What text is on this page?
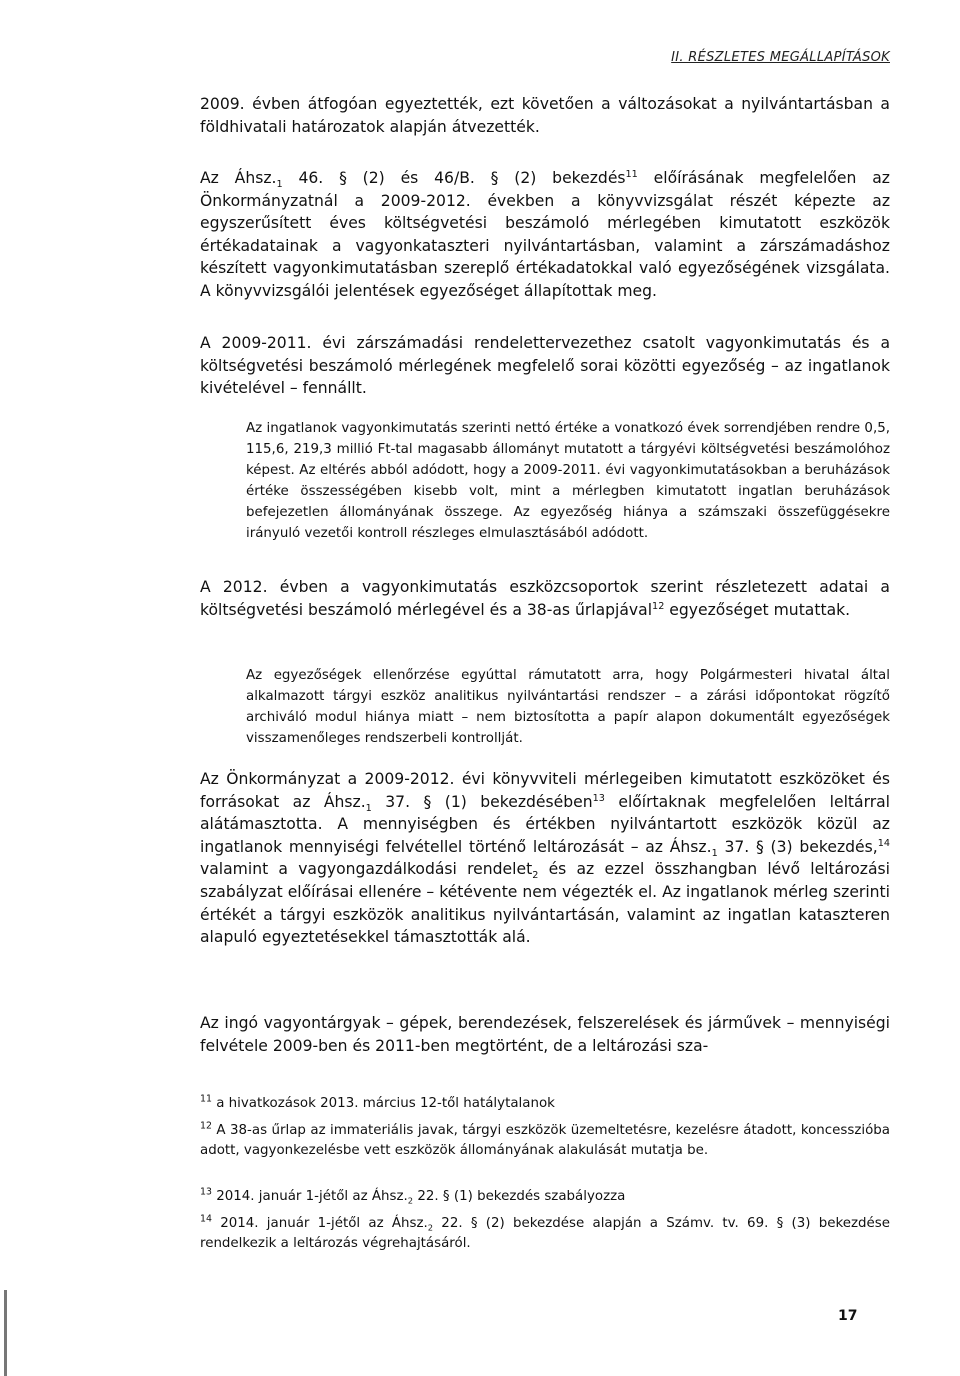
II. RÉSZLETES MEGÁLLAPÍTÁSOK

2009. évben átfogóan egyeztették, ezt követően a változásokat a nyilvántartásban a földhivatali határozatok alapján átvezették.

Az $Áhsz._1$ 46. § (2) és 46/B. § (2) bekezdés$^{11}$ előírásának megfelelően az Önkormányzatnál a 2009-2012. években a könyvvizsgálat részét képezte az egyszerűsített éves költségvetési beszámoló mérlegében kimutatott eszközök értékadatainak a vagyonkataszteri nyilvántartásban, valamint a zárszámadáshoz készített vagyonkimutatásban szereplő értékadatokkal való egyezőségének vizsgálata. A könyvvizsgálói jelentések egyezőséget állapítottak meg.

A 2009-2011. évi zárszámadási rendelettervezethez csatolt vagyonkimutatás és a költségvetési beszámoló mérlegének megfelelő sorai közötti egyezőség – az ingatlanok kivételével – fennállt.

Az ingatlanok vagyonkimutatás szerinti nettó értéke a vonatkozó évek sorrendjében rendre 0,5, 115,6, 219,3 millió Ft-tal magasabb állományt mutatott a tárgyévi költségvetési beszámolóhoz képest. Az eltérés abból adódott, hogy a 2009-2011. évi vagyonkimutatásokban a beruházások értéke összességében kisebb volt, mint a mérlegben kimutatott ingatlan beruházások befejezetlen állományának összege. Az egyezőség hiánya a számszaki összefüggésekre irányuló vezetői kontroll részleges elmulasztásából adódott.

A 2012. évben a vagyonkimutatás eszközcsoportok szerint részletezett adatai a költségvetési beszámoló mérlegével és a 38-as űrlapjával$^{12}$ egyezőséget mutattak.

Az egyezőségek ellenőrzése egyúttal rámutatott arra, hogy Polgármesteri hivatal által alkalmazott tárgyi eszköz analitikus nyilvántartási rendszer – a zárási időpontokat rögzítő archiváló modul hiánya miatt – nem biztosította a papír alapon dokumentált egyezőségek visszamenőleges rendszerbeli kontrollját.

Az Önkormányzat a 2009-2012. évi könyvviteli mérlegeiben kimutatott eszközöket és forrásokat az $Áhsz._1$ 37. § (1) bekezdésében$^{13}$ előírtaknak megfelelően leltárral alátámasztotta. A mennyiségben és értékben nyilvántartott eszközök közül az ingatlanok mennyiségi felvétellel történő leltározását – az $Áhsz._1$ 37. § (3) bekezdés,$^{14}$ valamint a vagyongazdálkodási rendelet$_2$ és az ezzel összhangban lévő leltározási szabályzat előírásai ellenére – kétévente nem végezték el. Az ingatlanok mérleg szerinti értékét a tárgyi eszközök analitikus nyilvántartásán, valamint az ingatlan kataszteren alapuló egyeztetésekkel támasztották alá.

Az ingó vagyontárgyak – gépek, berendezések, felszerelések és járművek – mennyiségi felvétele 2009-ben és 2011-ben megtörtént, de a leltározási sza-

$^{11}$ a hivatkozások 2013. március 12-től hatálytalanok

$^{12}$ A 38-as űrlap az immateriális javak, tárgyi eszközök üzemeltetésre, kezelésre átadott, koncesszióba adott, vagyonkezelésbe vett eszközök állományának alakulását mutatja be.

$^{13}$ 2014. január 1-jétől az $Áhsz._2$ 22. § (1) bekezdés szabályozza

$^{14}$ 2014. január 1-jétől az $Áhsz._2$ 22. § (2) bekezdése alapján a Számv. tv. 69. § (3) bekezdése rendelkezik a leltározás végrehajtásáról.

17
